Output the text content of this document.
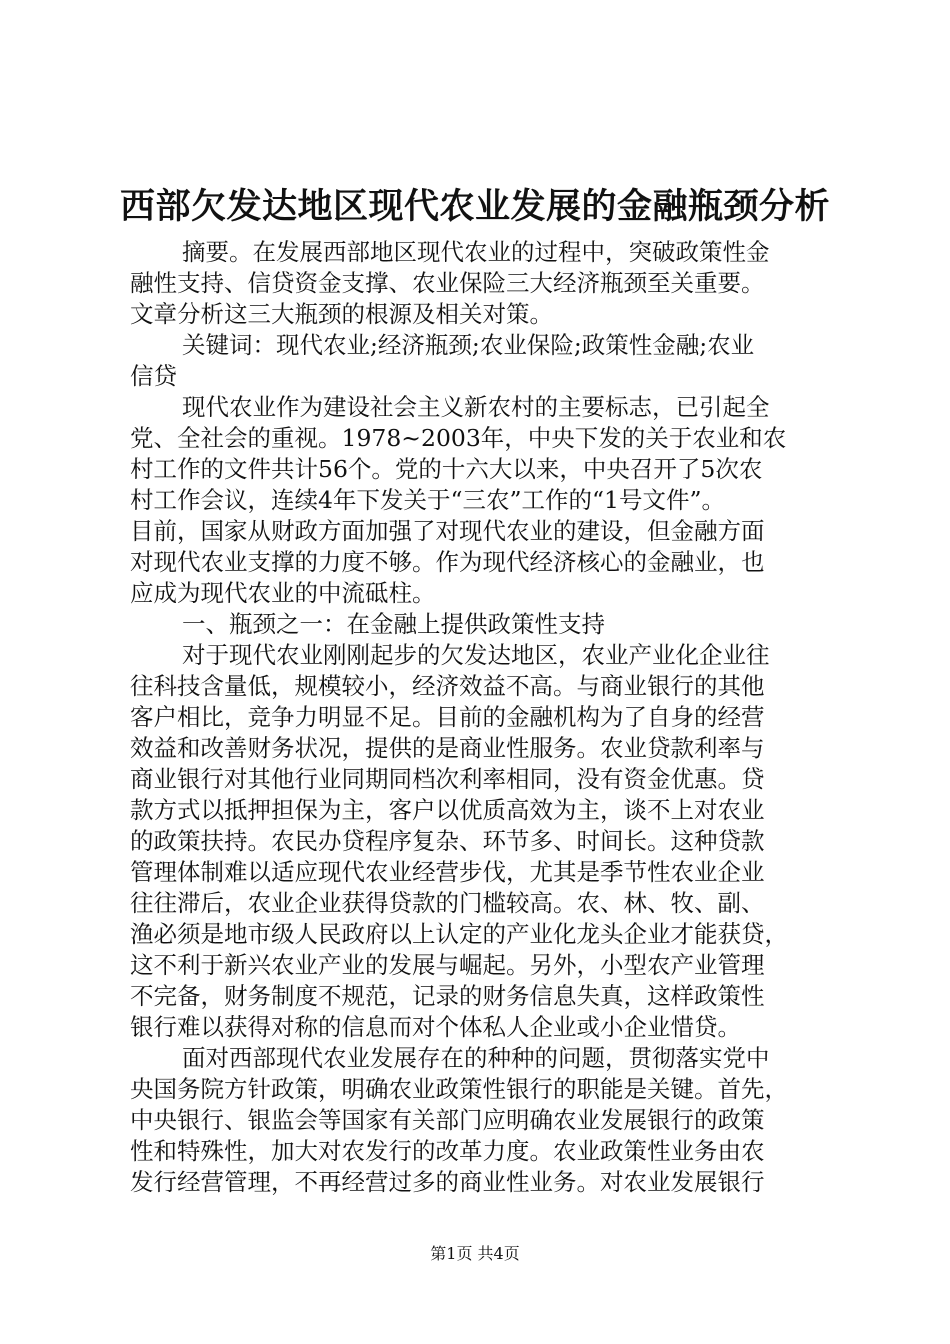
西部欠发达地区现代农业发展的金融瓶颈分析
摘要。在发展西部地区现代农业的过程中，突破政策性金
融性支持、信贷资金支撑、农业保险三大经济瓶颈至关重要。
文章分析这三大瓶颈的根源及相关对策。
关键词：现代农业;经济瓶颈;农业保险;政策性金融;农业
信贷
现代农业作为建设社会主义新农村的主要标志，已引起全
党、全社会的重视。1978~2003年，中央下发的关于农业和农
村工作的文件共计56个。党的十六大以来，中央召开了5次农
村工作会议，连续4年下发关于“三农”工作的“1号文件”。
目前，国家从财政方面加强了对现代农业的建设，但金融方面
对现代农业支撑的力度不够。作为现代经济核心的金融业，也
应成为现代农业的中流砥柱。
一、瓶颈之一：在金融上提供政策性支持
对于现代农业刚刚起步的欠发达地区，农业产业化企业往
往科技含量低，规模较小，经济效益不高。与商业银行的其他
客户相比，竞争力明显不足。目前的金融机构为了自身的经营
效益和改善财务状况，提供的是商业性服务。农业贷款利率与
商业银行对其他行业同期同档次利率相同，没有资金优惠。贷
款方式以抵押担保为主，客户以优质高效为主，谈不上对农业
的政策扶持。农民办贷程序复杂、环节多、时间长。这种贷款
管理体制难以适应现代农业经营步伐，尤其是季节性农业企业
往往滞后，农业企业获得贷款的门槛较高。农、林、牧、副、
渔必须是地市级人民政府以上认定的产业化龙头企业才能获贷，
这不利于新兴农业产业的发展与崛起。另外，小型农产业管理
不完备，财务制度不规范，记录的财务信息失真，这样政策性
银行难以获得对称的信息而对个体私人企业或小企业惜贷。
面对西部现代农业发展存在的种种的问题，贯彻落实党中
央国务院方针政策，明确农业政策性银行的职能是关键。首先，
中央银行、银监会等国家有关部门应明确农业发展银行的政策
性和特殊性，加大对农发行的改革力度。农业政策性业务由农
发行经营管理，不再经营过多的商业性业务。对农业发展银行
第1页 共4页
